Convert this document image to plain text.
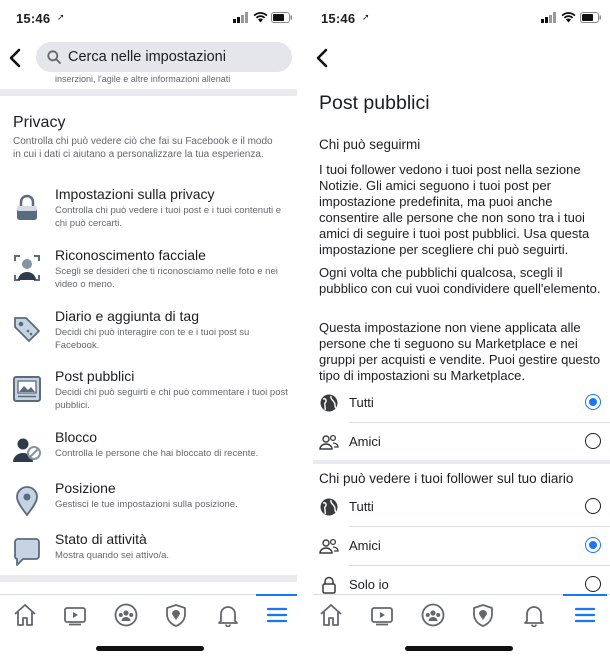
15:46 ➚
Cerca nelle impostazioni
inserzioni, l'agile e altre informazioni allenati
Privacy
Controlla chi può vedere ciò che fai su Facebook e il modo in cui i dati ci aiutano a personalizzare la tua esperienza.
Impostazioni sulla privacy
Controlla chi può vedere i tuoi post e i tuoi contenuti e chi può cercarti.
Riconoscimento facciale
Scegli se desideri che ti riconosciamo nelle foto e nei video o meno.
Diario e aggiunta di tag
Decidi chi può interagire con te e i tuoi post su Facebook.
Post pubblici
Decidi chi può seguirti e chi può commentare i tuoi post pubblici.
Blocco
Controlla le persone che hai bloccato di recente.
Posizione
Gestisci le tue impostazioni sulla posizione.
Stato di attività
Mostra quando sei attivo/a.
15:46 ➚
Post pubblici
Chi può seguirmi
I tuoi follower vedono i tuoi post nella sezione Notizie. Gli amici seguono i tuoi post per impostazione predefinita, ma puoi anche consentire alle persone che non sono tra i tuoi amici di seguire i tuoi post pubblici. Usa questa impostazione per scegliere chi può seguirti.
Ogni volta che pubblichi qualcosa, scegli il pubblico con cui vuoi condividere quell'elemento.
Questa impostazione non viene applicata alle persone che ti seguono su Marketplace e nei gruppi per acquisti e vendite. Puoi gestire questo tipo di impostazioni su Marketplace.
Tutti
Amici
Chi può vedere i tuoi follower sul tuo diario
Tutti
Amici
Solo io
